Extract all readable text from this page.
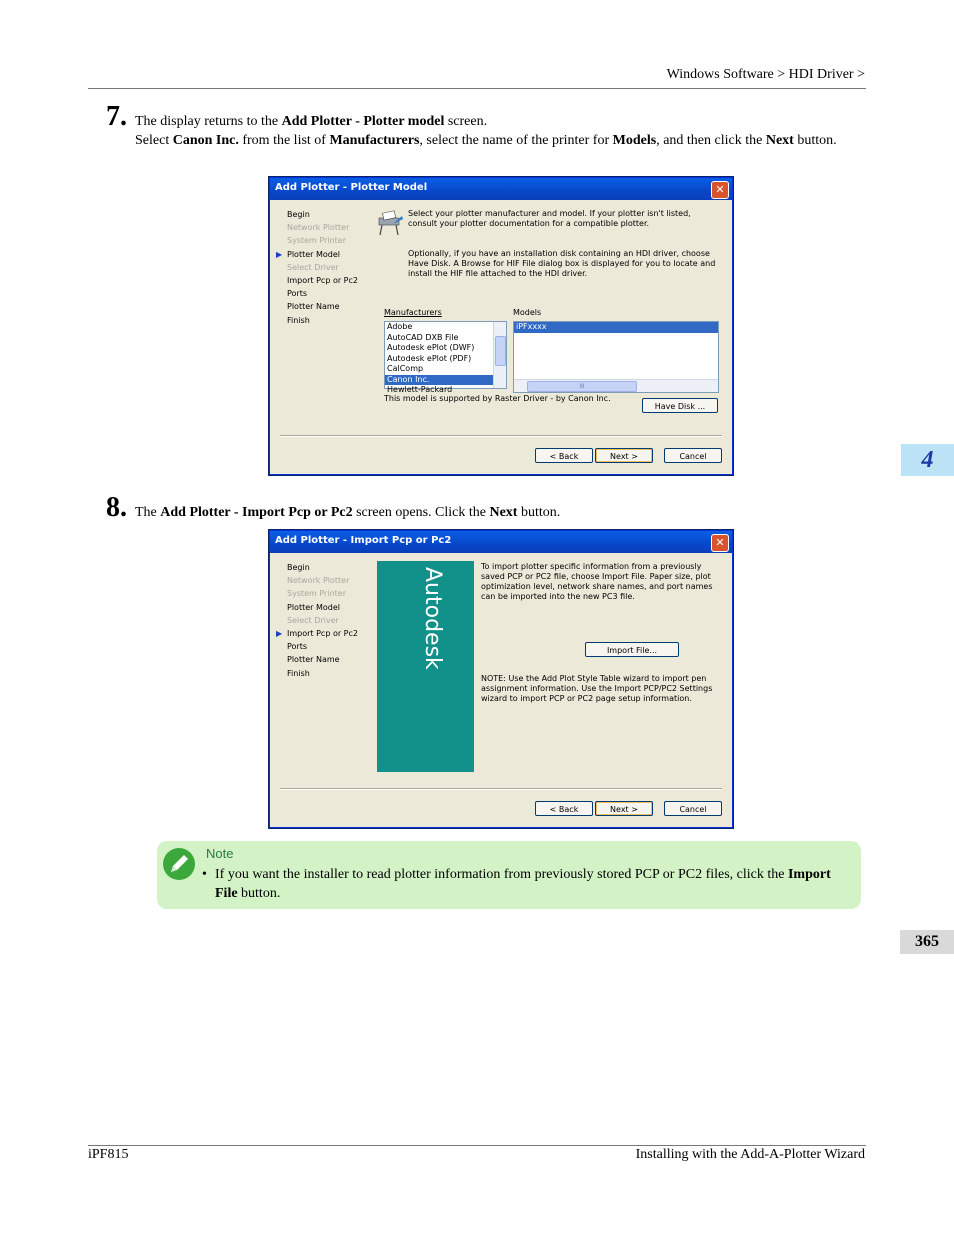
Windows Software > HDI Driver >
7. The display returns to the Add Plotter - Plotter model screen.
Select Canon Inc. from the list of Manufacturers, select the name of the printer for Models, and then click the Next button.
Add Plotter - Plotter Model	✕
Begin
Network Plotter
System Printer
▶ Plotter Model
Select Driver
Import Pcp or Pc2
Ports
Plotter Name
Finish
Select your plotter manufacturer and model. If your plotter isn't listed, consult your plotter documentation for a compatible plotter.
Optionally, if you have an installation disk containing an HDI driver, choose Have Disk. A Browse for HIF File dialog box is displayed for you to locate and install the HIF file attached to the HDI driver.
Manufacturers	Models
Adobe
AutoCAD DXB File
Autodesk ePlot (DWF)
Autodesk ePlot (PDF)
CalComp
Canon Inc.
Hewlett-Packard
iPFxxxx
III
This model is supported by Raster Driver - by Canon Inc.
Have Disk ...
< Back	Next >	Cancel	4
8. The Add Plotter - Import Pcp or Pc2 screen opens. Click the Next button.
Add Plotter - Import Pcp or Pc2	✕
Begin
Network Plotter
System Printer
Plotter Model
Select Driver
▶ Import Pcp or Pc2
Ports
Plotter Name
Finish
Autodesk
To import plotter specific information from a previously saved PCP or PC2 file, choose Import File. Paper size, plot optimization level, network share names, and port names can be imported into the new PC3 file.
Import File...
NOTE: Use the Add Plot Style Table wizard to import pen assignment information. Use the Import PCP/PC2 Settings wizard to import PCP or PC2 page setup information.
< Back	Next >	Cancel
Note
• If you want the installer to read plotter information from previously stored PCP or PC2 files, click the Import File button.
365
iPF815	Installing with the Add-A-Plotter Wizard
